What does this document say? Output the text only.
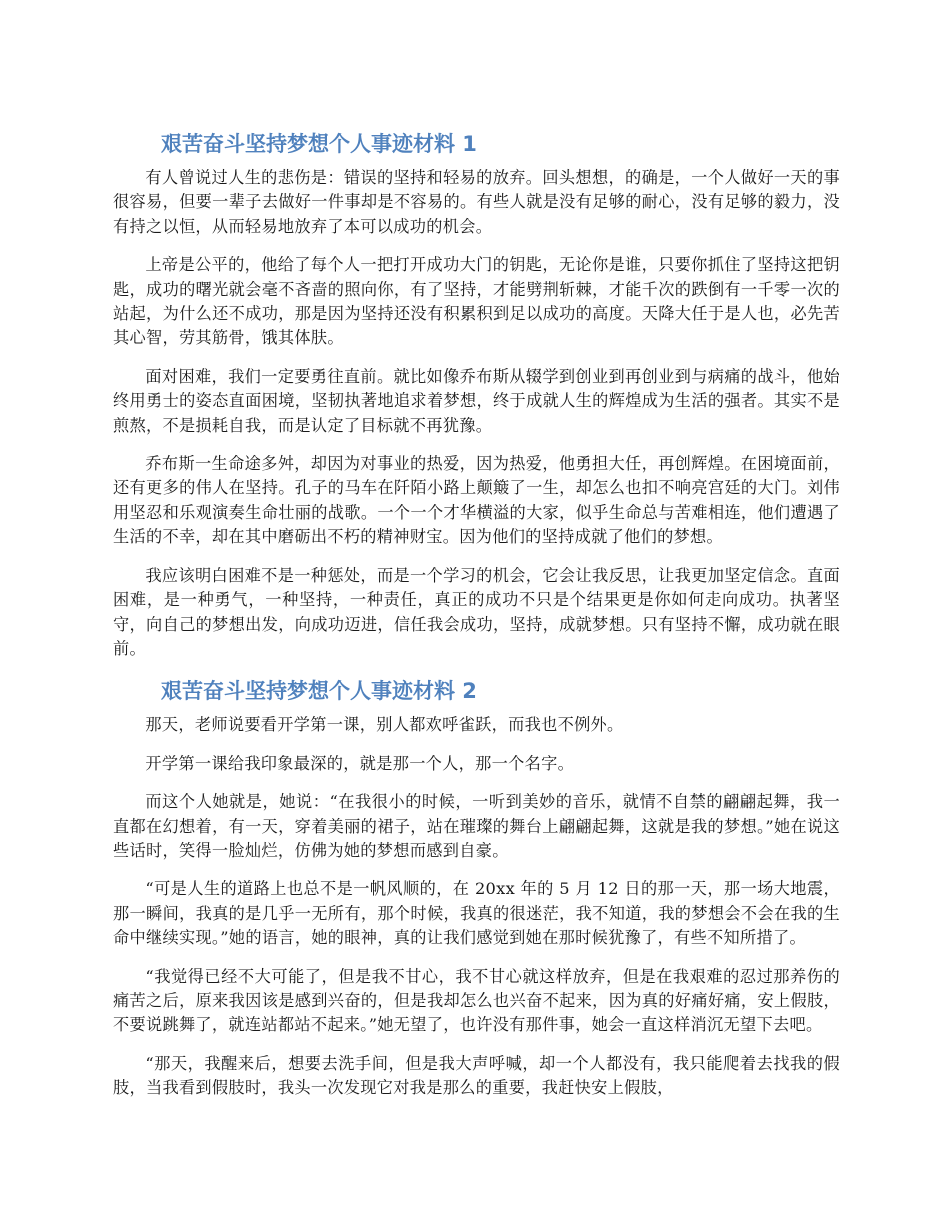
艰苦奋斗坚持梦想个人事迹材料 1

有人曾说过人生的悲伤是：错误的坚持和轻易的放弃。回头想想，的确是，一个人做好一天的事很容易，但要一辈子去做好一件事却是不容易的。有些人就是没有足够的耐心，没有足够的毅力，没有持之以恒，从而轻易地放弃了本可以成功的机会。

上帝是公平的，他给了每个人一把打开成功大门的钥匙，无论你是谁，只要你抓住了坚持这把钥匙，成功的曙光就会毫不吝啬的照向你，有了坚持，才能劈荆斩棘，才能千次的跌倒有一千零一次的站起，为什么还不成功，那是因为坚持还没有积累积到足以成功的高度。天降大任于是人也，必先苦其心智，劳其筋骨，饿其体肤。

面对困难，我们一定要勇往直前。就比如像乔布斯从辍学到创业到再创业到与病痛的战斗，他始终用勇士的姿态直面困境，坚韧执著地追求着梦想，终于成就人生的辉煌成为生活的强者。其实不是煎熬，不是损耗自我，而是认定了目标就不再犹豫。

乔布斯一生命途多舛，却因为对事业的热爱，因为热爱，他勇担大任，再创辉煌。在困境面前，还有更多的伟人在坚持。孔子的马车在阡陌小路上颠簸了一生，却怎么也扣不响亮宫廷的大门。刘伟用坚忍和乐观演奏生命壮丽的战歌。一个一个才华横溢的大家，似乎生命总与苦难相连，他们遭遇了生活的不幸，却在其中磨砺出不朽的精神财宝。因为他们的坚持成就了他们的梦想。

我应该明白困难不是一种惩处，而是一个学习的机会，它会让我反思，让我更加坚定信念。直面困难，是一种勇气，一种坚持，一种责任，真正的成功不只是个结果更是你如何走向成功。执著坚守，向自己的梦想出发，向成功迈进，信任我会成功，坚持，成就梦想。只有坚持不懈，成功就在眼前。

艰苦奋斗坚持梦想个人事迹材料 2

那天，老师说要看开学第一课，别人都欢呼雀跃，而我也不例外。

开学第一课给我印象最深的，就是那一个人，那一个名字。

而这个人她就是，她说：“在我很小的时候，一听到美妙的音乐，就情不自禁的翩翩起舞，我一直都在幻想着，有一天，穿着美丽的裙子，站在璀璨的舞台上翩翩起舞，这就是我的梦想。”她在说这些话时，笑得一脸灿烂，仿佛为她的梦想而感到自豪。

“可是人生的道路上也总不是一帆风顺的，在 20xx 年的 5 月 12 日的那一天，那一场大地震，那一瞬间，我真的是几乎一无所有，那个时候，我真的很迷茫，我不知道，我的梦想会不会在我的生命中继续实现。”她的语言，她的眼神，真的让我们感觉到她在那时候犹豫了，有些不知所措了。

“我觉得已经不大可能了，但是我不甘心，我不甘心就这样放弃，但是在我艰难的忍过那养伤的痛苦之后，原来我因该是感到兴奋的，但是我却怎么也兴奋不起来，因为真的好痛好痛，安上假肢，不要说跳舞了，就连站都站不起来。”她无望了，也许没有那件事，她会一直这样消沉无望下去吧。

“那天，我醒来后，想要去洗手间，但是我大声呼喊，却一个人都没有，我只能爬着去找我的假肢，当我看到假肢时，我头一次发现它对我是那么的重要，我赶快安上假肢，
